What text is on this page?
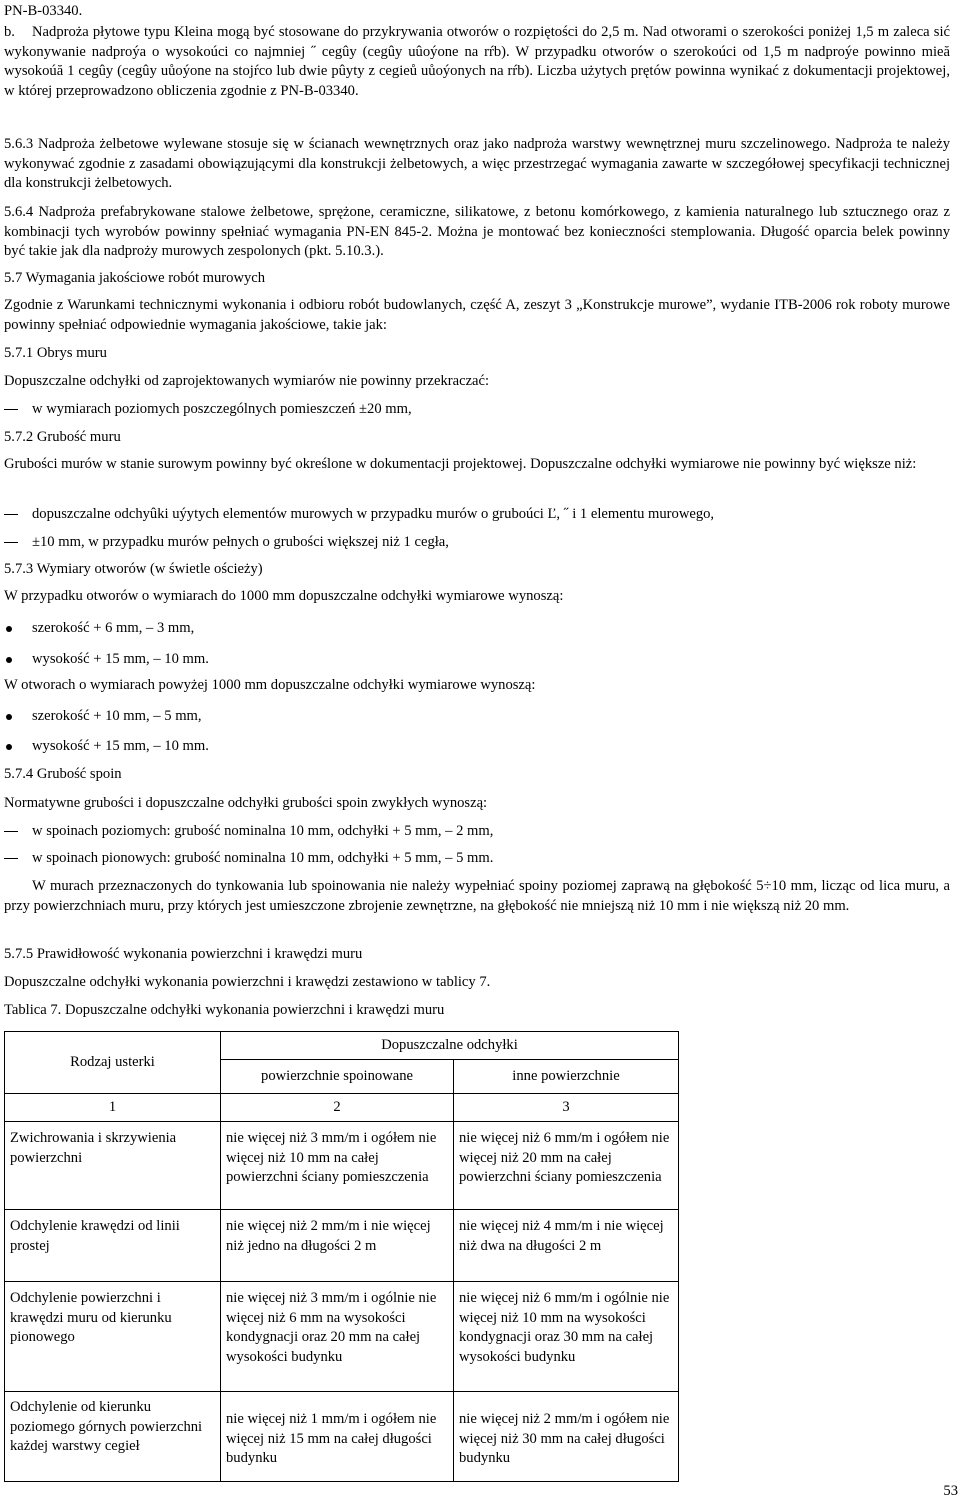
PN-B-03340.
b.	Nadproża płytowe typu Kleina mogą być stosowane do przykrywania otworów o rozpiętości do 2,5 m. Nad otworami o szerokości poniżej 1,5 m zaleca sić wykonywanie nadproýa o wysokoúci co najmniej ˝ cegûy (cegûy uûoýone na rŕb). W przypadku otworów o szerokoúci od 1,5 m nadproýe powinno mieă wysokoúă 1 cegûy (cegûy uůoýone na stojŕco lub dwie pûyty z cegieů uůoýonych na rŕb). Liczba użytych prętów powinna wynikać z dokumentacji projektowej, w której przeprowadzono obliczenia zgodnie z PN-B-03340.

5.6.3 Nadproża żelbetowe wylewane stosuje się w ścianach wewnętrznych oraz jako nadproża warstwy wewnętrznej muru szczelinowego. Nadproża te należy wykonywać zgodnie z zasadami obowiązującymi dla konstrukcji żelbetowych, a więc przestrzegać wymagania zawarte w szczegółowej specyfikacji technicznej dla konstrukcji żelbetowych.

5.6.4 Nadproża prefabrykowane stalowe żelbetowe, sprężone, ceramiczne, silikatowe, z betonu komórkowego, z kamienia naturalnego lub sztucznego oraz z kombinacji tych wyrobów powinny spełniać wymagania PN-EN 845-2. Można je montować bez konieczności stemplowania. Długość oparcia belek powinny być takie jak dla nadproży murowych zespolonych (pkt. 5.10.3.).

5.7 Wymagania jakościowe robót murowych

Zgodnie z Warunkami technicznymi wykonania i odbioru robót budowlanych, część A, zeszyt 3 „Konstrukcje murowe”, wydanie ITB-2006 rok roboty murowe powinny spełniać odpowiednie wymagania jakościowe, takie jak:

5.7.1 Obrys muru
Dopuszczalne odchyłki od zaprojektowanych wymiarów nie powinny przekraczać:
w wymiarach poziomych poszczególnych pomieszczeń ±20 mm,
5.7.2 Grubość muru

Grubości murów w stanie surowym powinny być określone w dokumentacji projektowej. Dopuszczalne odchyłki wymiarowe nie powinny być większe niż:

dopuszczalne odchyûki uýytych elementów murowych w przypadku murów o gruboúci Ľ, ˝ i 1 elementu murowego,
±10 mm, w przypadku murów pełnych o grubości większej niż 1 cegła,
5.7.3 Wymiary otworów (w świetle ościeży)
W przypadku otworów o wymiarach do 1000 mm dopuszczalne odchyłki wymiarowe wynoszą:
szerokość + 6 mm, – 3 mm,
wysokość + 15 mm, – 10 mm.
W otworach o wymiarach powyżej 1000 mm dopuszczalne odchyłki wymiarowe wynoszą:
szerokość + 10 mm, – 5 mm,
wysokość + 15 mm, – 10 mm.
5.7.4 Grubość spoin
Normatywne grubości i dopuszczalne odchyłki grubości spoin zwykłych wynoszą:
w spoinach poziomych: grubość nominalna 10 mm, odchyłki + 5 mm, – 2 mm,
w spoinach pionowych: grubość nominalna 10 mm, odchyłki + 5 mm, – 5 mm.

W murach przeznaczonych do tynkowania lub spoinowania nie należy wypełniać spoiny poziomej zaprawą na głębokość 5÷10 mm, licząc od lica muru, a przy powierzchniach muru, przy których jest umieszczone zbrojenie zewnętrzne, na głębokość nie mniejszą niż 10 mm i nie większą niż 20 mm.

5.7.5 Prawidłowość wykonania powierzchni i krawędzi muru
Dopuszczalne odchyłki wykonania powierzchni i krawędzi zestawiono w tablicy 7.
Tablica 7. Dopuszczalne odchyłki wykonania powierzchni i krawędzi muru
Rodzaj usterki	Dopuszczalne odchyłki	
	powierzchnie spoinowane	inne powierzchnie
1	2	3
Zwichrowania i skrzywienia powierzchni	nie więcej niż 3 mm/m i ogółem nie więcej niż 10 mm na całej powierzchni ściany pomieszczenia	nie więcej niż 6 mm/m i ogółem nie więcej niż 20 mm na całej powierzchni ściany pomieszczenia
Odchylenie krawędzi od linii prostej	nie więcej niż 2 mm/m i nie więcej niż jedno na długości 2 m	nie więcej niż 4 mm/m i nie więcej niż dwa na długości 2 m
Odchylenie powierzchni i krawędzi muru od kierunku pionowego	nie więcej niż 3 mm/m i ogólnie nie więcej niż 6 mm na wysokości kondygnacji oraz 20 mm na całej wysokości budynku	nie więcej niż 6 mm/m i ogólnie nie więcej niż 10 mm na wysokości kondygnacji oraz 30 mm na całej wysokości budynku
Odchylenie od kierunku poziomego górnych powierzchni każdej warstwy cegieł	nie więcej niż 1 mm/m i ogółem nie więcej niż 15 mm na całej długości budynku	nie więcej niż 2 mm/m i ogółem nie więcej niż 30 mm na całej długości budynku
53
